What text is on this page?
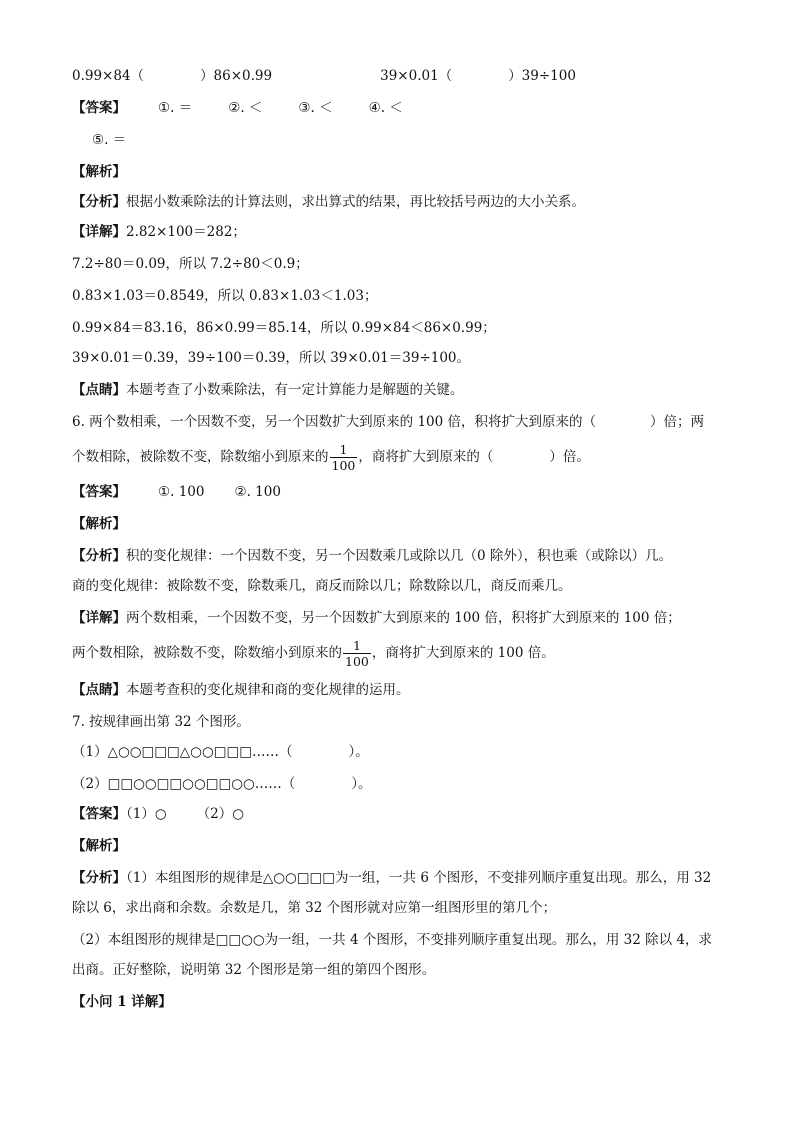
0.99×84（	）86×0.99	39×0.01（	）39÷100
【答案】 ①. ＝	②. ＜	③. ＜	④. ＜
⑤. ＝
【解析】
【分析】根据小数乘除法的计算法则，求出算式的结果，再比较括号两边的大小关系。
【详解】2.82×100＝282；
7.2÷80＝0.09，所以 7.2÷80＜0.9；
0.83×1.03＝0.8549，所以 0.83×1.03＜1.03；
0.99×84＝83.16，86×0.99＝85.14，所以 0.99×84＜86×0.99；
39×0.01＝0.39，39÷100＝0.39，所以 39×0.01＝39÷100。
【点睛】本题考查了小数乘除法，有一定计算能力是解题的关键。
6. 两个数相乘，一个因数不变，另一个因数扩大到原来的 100 倍，积将扩大到原来的（	）倍；两
个数相除，被除数不变，除数缩小到原来的 $\frac{1}{100}$ ，商将扩大到原来的（	）倍。
【答案】 ①. 100 ②. 100
【解析】
【分析】积的变化规律：一个因数不变，另一个因数乘几或除以几（0 除外），积也乘（或除以）几。
商的变化规律：被除数不变，除数乘几，商反而除以几；除数除以几，商反而乘几。
【详解】两个数相乘，一个因数不变，另一个因数扩大到原来的 100 倍，积将扩大到原来的 100 倍；
两个数相除，被除数不变，除数缩小到原来的 $\frac{1}{100}$ ，商将扩大到原来的 100 倍。
【点睛】本题考查积的变化规律和商的变化规律的运用。
7. 按规律画出第 32 个图形。
（1）△○○□□□△○○□□□……（	）。
（2）□□○○□□○○□□○○……（	）。
【答案】（1）○ （2）○
【解析】
【分析】（1）本组图形的规律是△○○□□□为一组，一共 6 个图形，不变排列顺序重复出现。那么，用 32
除以 6，求出商和余数。余数是几，第 32 个图形就对应第一组图形里的第几个；
（2）本组图形的规律是□□○○为一组，一共 4 个图形，不变排列顺序重复出现。那么，用 32 除以 4，求
出商。正好整除，说明第 32 个图形是第一组的第四个图形。
【小问 1 详解】
